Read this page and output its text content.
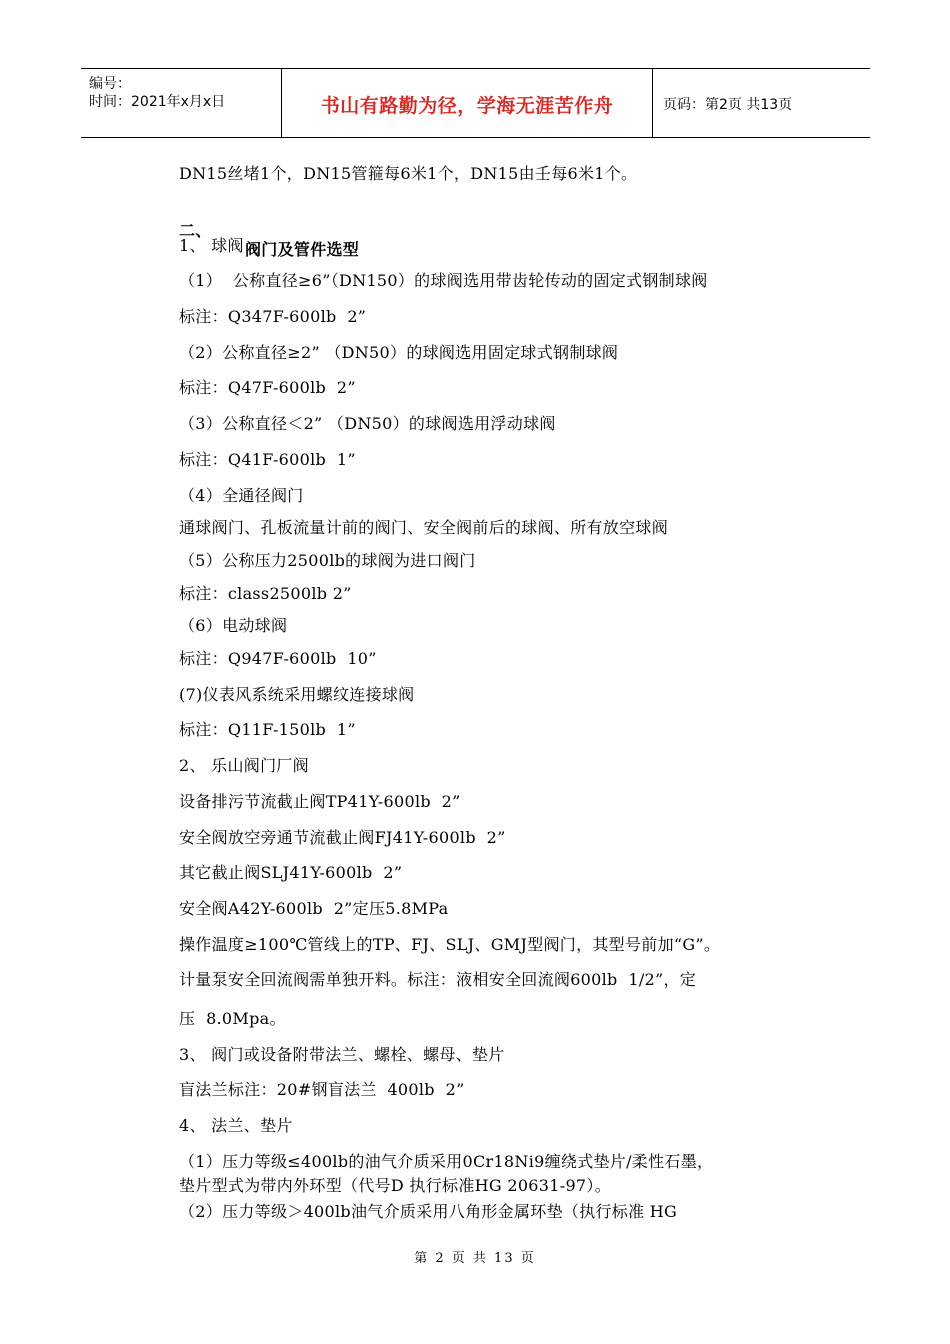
编号：
时间：2021年x月x日	书山有路勤为径，学海无涯苦作舟	页码：第2页 共13页
DN15丝堵1个，DN15管箍每6米1个，DN15由壬每6米1个。

二、

阀门及管件选型

1、 球阀
（1）  公称直径≥6”（DN150）的球阀选用带齿轮传动的固定式钢制球阀
标注：Q347F-600lb  2”
（2）公称直径≥2” （DN50）的球阀选用固定球式钢制球阀
标注：Q47F-600lb  2”
（3）公称直径＜2” （DN50）的球阀选用浮动球阀
标注：Q41F-600lb  1”
（4）全通径阀门
通球阀门、孔板流量计前的阀门、安全阀前后的球阀、所有放空球阀
（5）公称压力2500lb的球阀为进口阀门
标注：class2500lb 2”
（6）电动球阀
标注：Q947F-600lb  10”
(7)仪表风系统采用螺纹连接球阀
标注：Q11F-150lb  1”
2、 乐山阀门厂阀
设备排污节流截止阀TP41Y-600lb  2”
安全阀放空旁通节流截止阀FJ41Y-600lb  2”
其它截止阀SLJ41Y-600lb  2”
安全阀A42Y-600lb  2”定压5.8MPa
操作温度≥100℃管线上的TP、FJ、SLJ、GMJ型阀门，其型号前加“G”。
计量泵安全回流阀需单独开料。标注：液相安全回流阀600lb  1/2”，定
压  8.0Mpa。
3、 阀门或设备附带法兰、螺栓、螺母、垫片
盲法兰标注：20#钢盲法兰  400lb  2”
4、 法兰、垫片
（1）压力等级≤400lb的油气介质采用0Cr18Ni9缠绕式垫片/柔性石墨，
垫片型式为带内外环型（代号D 执行标准HG 20631-97）。
（2）压力等级＞400lb油气介质采用八角形金属环垫（执行标准 HG
第 2 页 共 13 页
